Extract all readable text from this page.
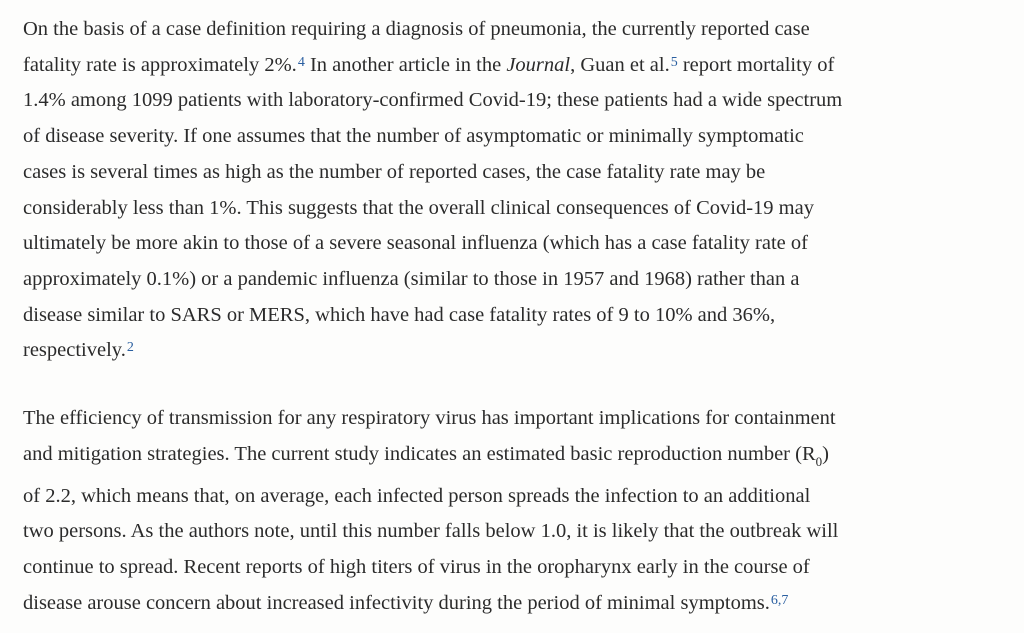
On the basis of a case definition requiring a diagnosis of pneumonia, the currently reported case
fatality rate is approximately 2%.$^4$ In another article in the Journal, Guan et al.$^5$ report mortality of
1.4% among 1099 patients with laboratory-confirmed Covid-19; these patients had a wide spectrum
of disease severity. If one assumes that the number of asymptomatic or minimally symptomatic
cases is several times as high as the number of reported cases, the case fatality rate may be
considerably less than 1%. This suggests that the overall clinical consequences of Covid-19 may
ultimately be more akin to those of a severe seasonal influenza (which has a case fatality rate of
approximately 0.1%) or a pandemic influenza (similar to those in 1957 and 1968) rather than a
disease similar to SARS or MERS, which have had case fatality rates of 9 to 10% and 36%,
respectively.$^2$

The efficiency of transmission for any respiratory virus has important implications for containment
and mitigation strategies. The current study indicates an estimated basic reproduction number $(R_0)$
of 2.2, which means that, on average, each infected person spreads the infection to an additional
two persons. As the authors note, until this number falls below 1.0, it is likely that the outbreak will
continue to spread. Recent reports of high titers of virus in the oropharynx early in the course of
disease arouse concern about increased infectivity during the period of minimal symptoms.$^{6,7}$
